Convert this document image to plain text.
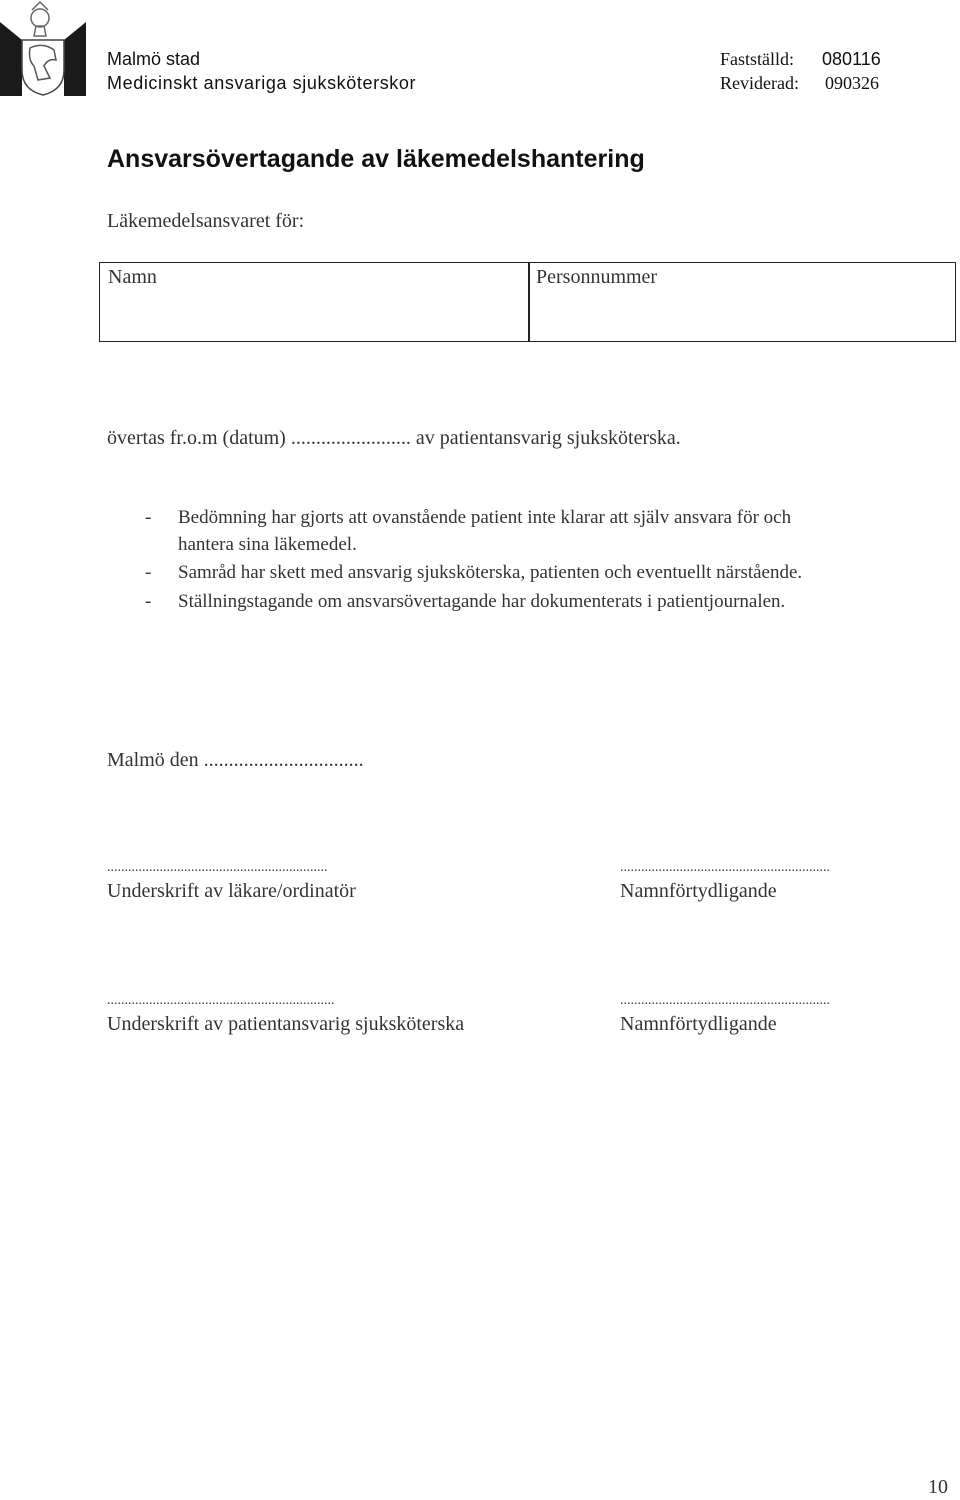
Malmö stad
Medicinskt ansvariga sjuksköterskor
Fastställd: 080116
Reviderad: 090326
Ansvarsövertagande av läkemedelshantering
Läkemedelsansvaret för:
Namn	Personnummer
övertas fr.o.m (datum) ........................ av patientansvarig sjuksköterska.
- Bedömning har gjorts att ovanstående patient inte klarar att själv ansvara för och
hantera sina läkemedel.
- Samråd har skett med ansvarig sjuksköterska, patienten och eventuellt närstående.
- Ställningstagande om ansvarsövertagande har dokumenterats i patientjournalen.
Malmö den ................................
...............................................................
Underskrift av läkare/ordinatör
............................................................
Namnförtydligande
.................................................................
Underskrift av patientansvarig sjuksköterska
............................................................
Namnförtydligande
10
